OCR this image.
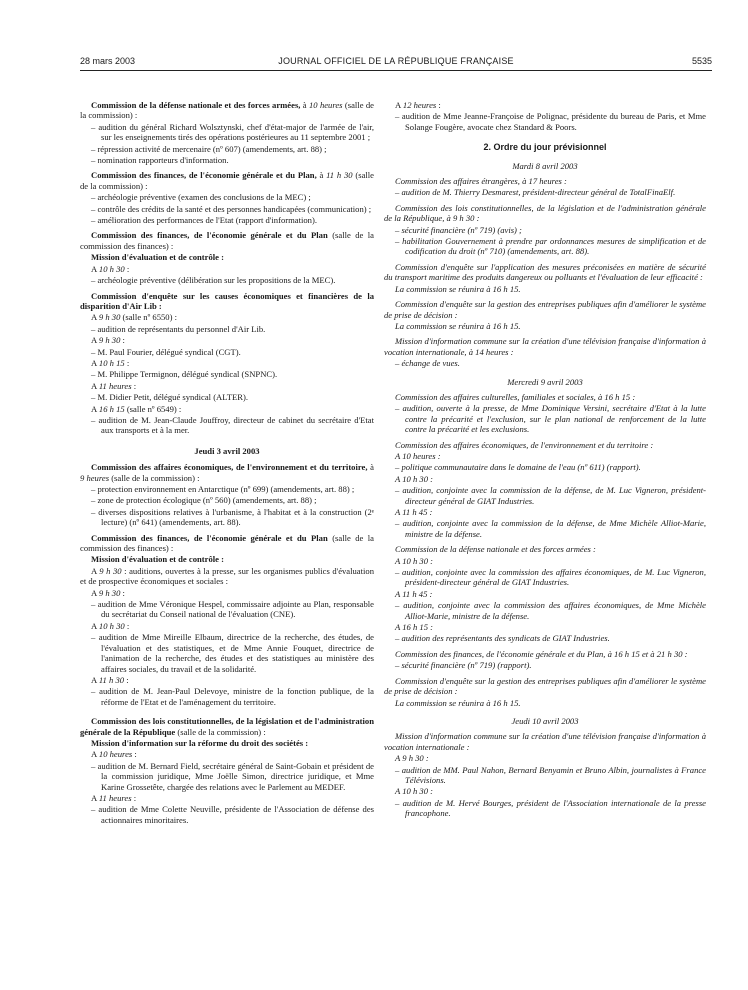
28 mars 2003	JOURNAL OFFICIEL DE LA RÉPUBLIQUE FRANÇAISE	5535

Commission de la défense nationale et des forces armées, à 10 heures (salle de la commission) :

– audition du général Richard Wolsztynski, chef d'état-major de l'armée de l'air, sur les enseignements tirés des opérations postérieures au 11 septembre 2001 ;

– répression activité de mercenaire (nº 607) (amendements, art. 88) ;

– nomination rapporteurs d'information.

Commission des finances, de l'économie générale et du Plan, à 11 h 30 (salle de la commission) :

– archéologie préventive (examen des conclusions de la MEC) ;

– contrôle des crédits de la santé et des personnes handicapées (communication) ;

– amélioration des performances de l'Etat (rapport d'information).

Commission des finances, de l'économie générale et du Plan (salle de la commission des finances) :

Mission d'évaluation et de contrôle :

A 10 h 30 :

– archéologie préventive (délibération sur les propositions de la MEC).

Commission d'enquête sur les causes économiques et financières de la disparition d'Air Lib :

A 9 h 30 (salle nº 6550) :

– audition de représentants du personnel d'Air Lib.

A 9 h 30 :

– M. Paul Fourier, délégué syndical (CGT).

A 10 h 15 :

– M. Philippe Termignon, délégué syndical (SNPNC).

A 11 heures :

– M. Didier Petit, délégué syndical (ALTER).

A 16 h 15 (salle nº 6549) :

– audition de M. Jean-Claude Jouffroy, directeur de cabinet du secrétaire d'Etat aux transports et à la mer.

Jeudi 3 avril 2003

Commission des affaires économiques, de l'environnement et du territoire, à 9 heures (salle de la commission) :

– protection environnement en Antarctique (nº 699) (amendements, art. 88) ;

– zone de protection écologique (nº 560) (amendements, art. 88) ;

– diverses dispositions relatives à l'urbanisme, à l'habitat et à la construction (2ᵉ lecture) (nº 641) (amendements, art. 88).

Commission des finances, de l'économie générale et du Plan (salle de la commission des finances) :

Mission d'évaluation et de contrôle :

A 9 h 30 : auditions, ouvertes à la presse, sur les organismes publics d'évaluation et de prospective économiques et sociales :

A 9 h 30 :

– audition de Mme Véronique Hespel, commissaire adjointe au Plan, responsable du secrétariat du Conseil national de l'évaluation (CNE).

A 10 h 30 :

– audition de Mme Mireille Elbaum, directrice de la recherche, des études, de l'évaluation et des statistiques, et de Mme Annie Fouquet, directrice de l'animation de la recherche, des études et des statistiques au ministère des affaires sociales, du travail et de la solidarité.

A 11 h 30 :

– audition de M. Jean-Paul Delevoye, ministre de la fonction publique, de la réforme de l'Etat et de l'aménagement du territoire.

Commission des lois constitutionnelles, de la législation et de l'administration générale de la République (salle de la commission) :

Mission d'information sur la réforme du droit des sociétés :

A 10 heures :

– audition de M. Bernard Field, secrétaire général de Saint-Gobain et président de la commission juridique, Mme Joëlle Simon, directrice juridique, et Mme Karine Grossetête, chargée des relations avec le Parlement au MEDEF.

A 11 heures :

– audition de Mme Colette Neuville, présidente de l'Association de défense des actionnaires minoritaires.

A 12 heures :

– audition de Mme Jeanne-Françoise de Polignac, présidente du bureau de Paris, et Mme Solange Fougère, avocate chez Standard & Poors.

2. Ordre du jour prévisionnel

Mardi 8 avril 2003

Commission des affaires étrangères, à 17 heures :

– audition de M. Thierry Desmarest, président-directeur général de TotalFinaElf.

Commission des lois constitutionnelles, de la législation et de l'administration générale de la République, à 9 h 30 :

– sécurité financière (nº 719) (avis) ;

– habilitation Gouvernement à prendre par ordonnances mesures de simplification et de codification du droit (nº 710) (amendements, art. 88).

Commission d'enquête sur l'application des mesures préconisées en matière de sécurité du transport maritime des produits dangereux ou polluants et l'évaluation de leur efficacité :

La commission se réunira à 16 h 15.

Commission d'enquête sur la gestion des entreprises publiques afin d'améliorer le système de prise de décision :

La commission se réunira à 16 h 15.

Mission d'information commune sur la création d'une télévision française d'information à vocation internationale, à 14 heures :

– échange de vues.

Mercredi 9 avril 2003

Commission des affaires culturelles, familiales et sociales, à 16 h 15 :

– audition, ouverte à la presse, de Mme Dominique Versini, secrétaire d'Etat à la lutte contre la précarité et l'exclusion, sur le plan national de renforcement de la lutte contre la précarité et les exclusions.

Commission des affaires économiques, de l'environnement et du territoire :

A 10 heures :

– politique communautaire dans le domaine de l'eau (nº 611) (rapport).

A 10 h 30 :

– audition, conjointe avec la commission de la défense, de M. Luc Vigneron, président-directeur général de GIAT Industries.

A 11 h 45 :

– audition, conjointe avec la commission de la défense, de Mme Michèle Alliot-Marie, ministre de la défense.

Commission de la défense nationale et des forces armées :

A 10 h 30 :

– audition, conjointe avec la commission des affaires économiques, de M. Luc Vigneron, président-directeur général de GIAT Industries.

A 11 h 45 :

– audition, conjointe avec la commission des affaires économiques, de Mme Michèle Alliot-Marie, ministre de la défense.

A 16 h 15 :

– audition des représentants des syndicats de GIAT Industries.

Commission des finances, de l'économie générale et du Plan, à 16 h 15 et à 21 h 30 :

– sécurité financière (nº 719) (rapport).

Commission d'enquête sur la gestion des entreprises publiques afin d'améliorer le système de prise de décision :

La commission se réunira à 16 h 15.

Jeudi 10 avril 2003

Mission d'information commune sur la création d'une télévision française d'information à vocation internationale :

A 9 h 30 :

– audition de MM. Paul Nahon, Bernard Benyamin et Bruno Albin, journalistes à France Télévisions.

A 10 h 30 :

– audition de M. Hervé Bourges, président de l'Association internationale de la presse francophone.
